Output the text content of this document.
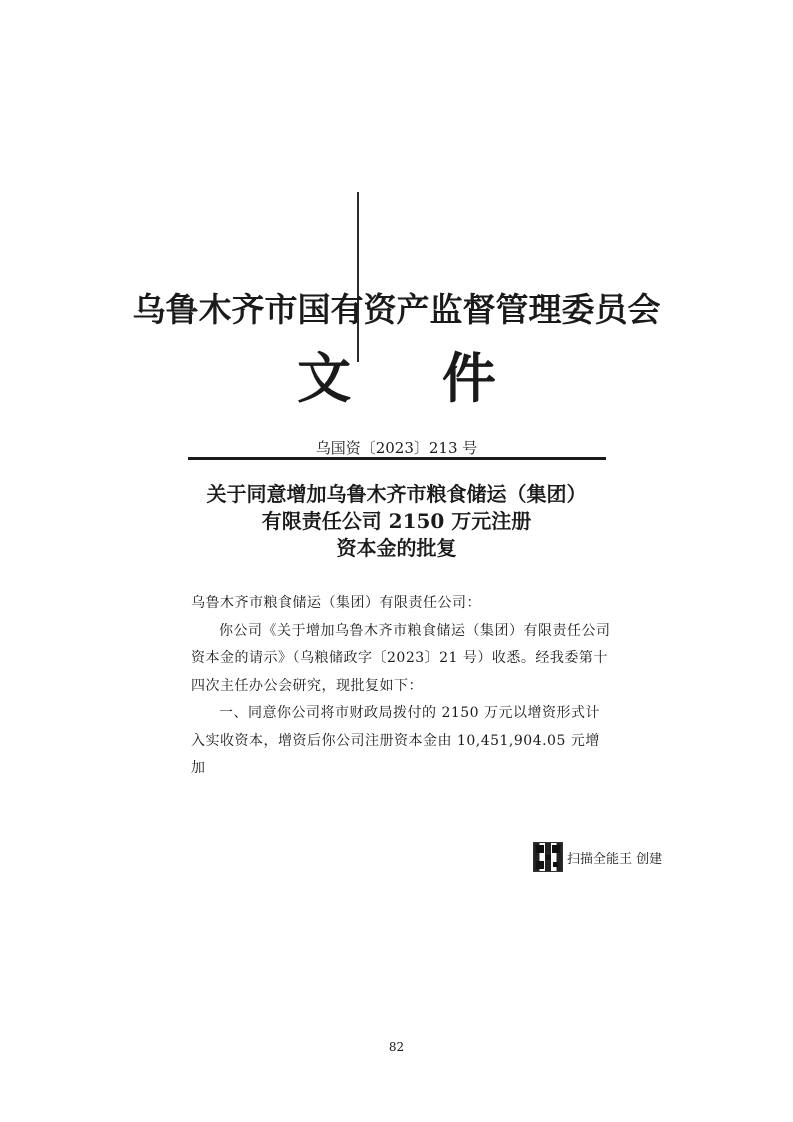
乌鲁木齐市国有资产监督管理委员会
文 件
乌国资〔2023〕213 号
关于同意增加乌鲁木齐市粮食储运（集团）
有限责任公司 2150 万元注册
资本金的批复

乌鲁木齐市粮食储运（集团）有限责任公司：

你公司《关于增加乌鲁木齐市粮食储运（集团）有限责任公司资本金的请示》（乌粮储政字〔2023〕21 号）收悉。经我委第十四次主任办公会研究，现批复如下：

一、同意你公司将市财政局拨付的 2150 万元以增资形式计入实收资本，增资后你公司注册资本金由 10,451,904.05 元增加

扫描全能王 创建
82
